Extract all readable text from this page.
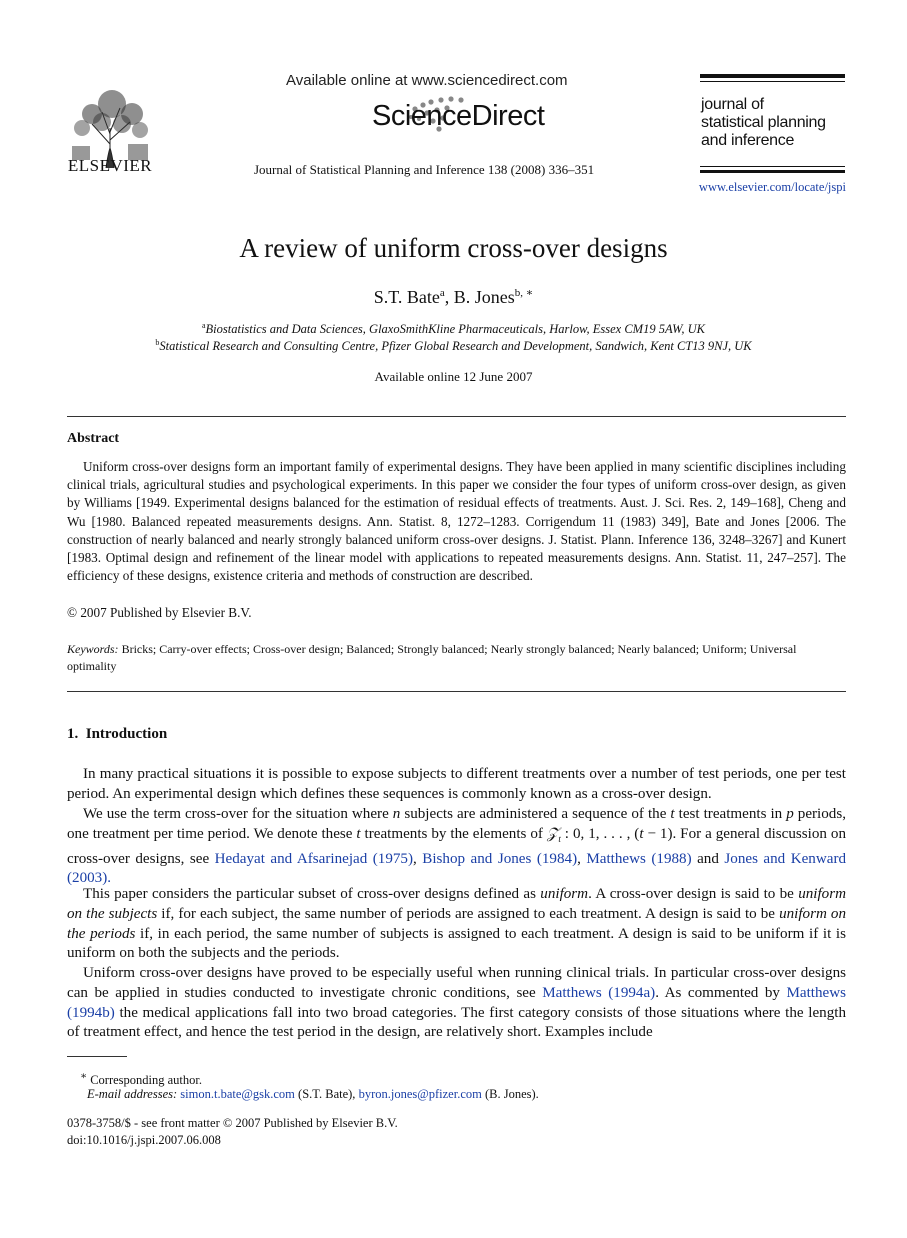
ELSEVIER
Available online at www.sciencedirect.com
ScienceDirect
Journal of Statistical Planning and Inference 138 (2008) 336–351
journal of
statistical planning
and inference
www.elsevier.com/locate/jspi
A review of uniform cross-over designs
S.T. Bate$^a$, B. Jones$^{b, ∗}$
$^a$Biostatistics and Data Sciences, GlaxoSmithKline Pharmaceuticals, Harlow, Essex CM19 5AW, UK
$^b$Statistical Research and Consulting Centre, Pfizer Global Research and Development, Sandwich, Kent CT13 9NJ, UK
Available online 12 June 2007
Abstract
Uniform cross-over designs form an important family of experimental designs. They have been applied in many scientific disciplines including clinical trials, agricultural studies and psychological experiments. In this paper we consider the four types of uniform cross-over design, as given by Williams [1949. Experimental designs balanced for the estimation of residual effects of treatments. Aust. J. Sci. Res. 2, 149–168], Cheng and Wu [1980. Balanced repeated measurements designs. Ann. Statist. 8, 1272–1283. Corrigendum 11 (1983) 349], Bate and Jones [2006. The construction of nearly balanced and nearly strongly balanced uniform cross-over designs. J. Statist. Plann. Inference 136, 3248–3267] and Kunert [1983. Optimal design and refinement of the linear model with applications to repeated measurements designs. Ann. Statist. 11, 247–257]. The efficiency of these designs, existence criteria and methods of construction are described.
© 2007 Published by Elsevier B.V.
Keywords: Bricks; Carry-over effects; Cross-over design; Balanced; Strongly balanced; Nearly strongly balanced; Nearly balanced; Uniform; Universal optimality
1.  Introduction
In many practical situations it is possible to expose subjects to different treatments over a number of test periods, one per test period. An experimental design which defines these sequences is commonly known as a cross-over design.
We use the term cross-over for the situation where n subjects are administered a sequence of the t test treatments in p periods, one treatment per time period. We denote these t treatments by the elements of 𝒵$_t$ : 0, 1, . . . , (t − 1). For a general discussion on cross-over designs, see Hedayat and Afsarinejad (1975), Bishop and Jones (1984), Matthews (1988) and Jones and Kenward (2003).
This paper considers the particular subset of cross-over designs defined as uniform. A cross-over design is said to be uniform on the subjects if, for each subject, the same number of periods are assigned to each treatment. A design is said to be uniform on the periods if, in each period, the same number of subjects is assigned to each treatment. A design is said to be uniform if it is uniform on both the subjects and the periods.
Uniform cross-over designs have proved to be especially useful when running clinical trials. In particular cross-over designs can be applied in studies conducted to investigate chronic conditions, see Matthews (1994a). As commented by Matthews (1994b) the medical applications fall into two broad categories. The first category consists of those situations where the length of treatment effect, and hence the test period in the design, are relatively short. Examples include
∗ Corresponding author.
E-mail addresses: simon.t.bate@gsk.com (S.T. Bate), byron.jones@pfizer.com (B. Jones).
0378-3758/$ - see front matter © 2007 Published by Elsevier B.V.
doi:10.1016/j.jspi.2007.06.008
